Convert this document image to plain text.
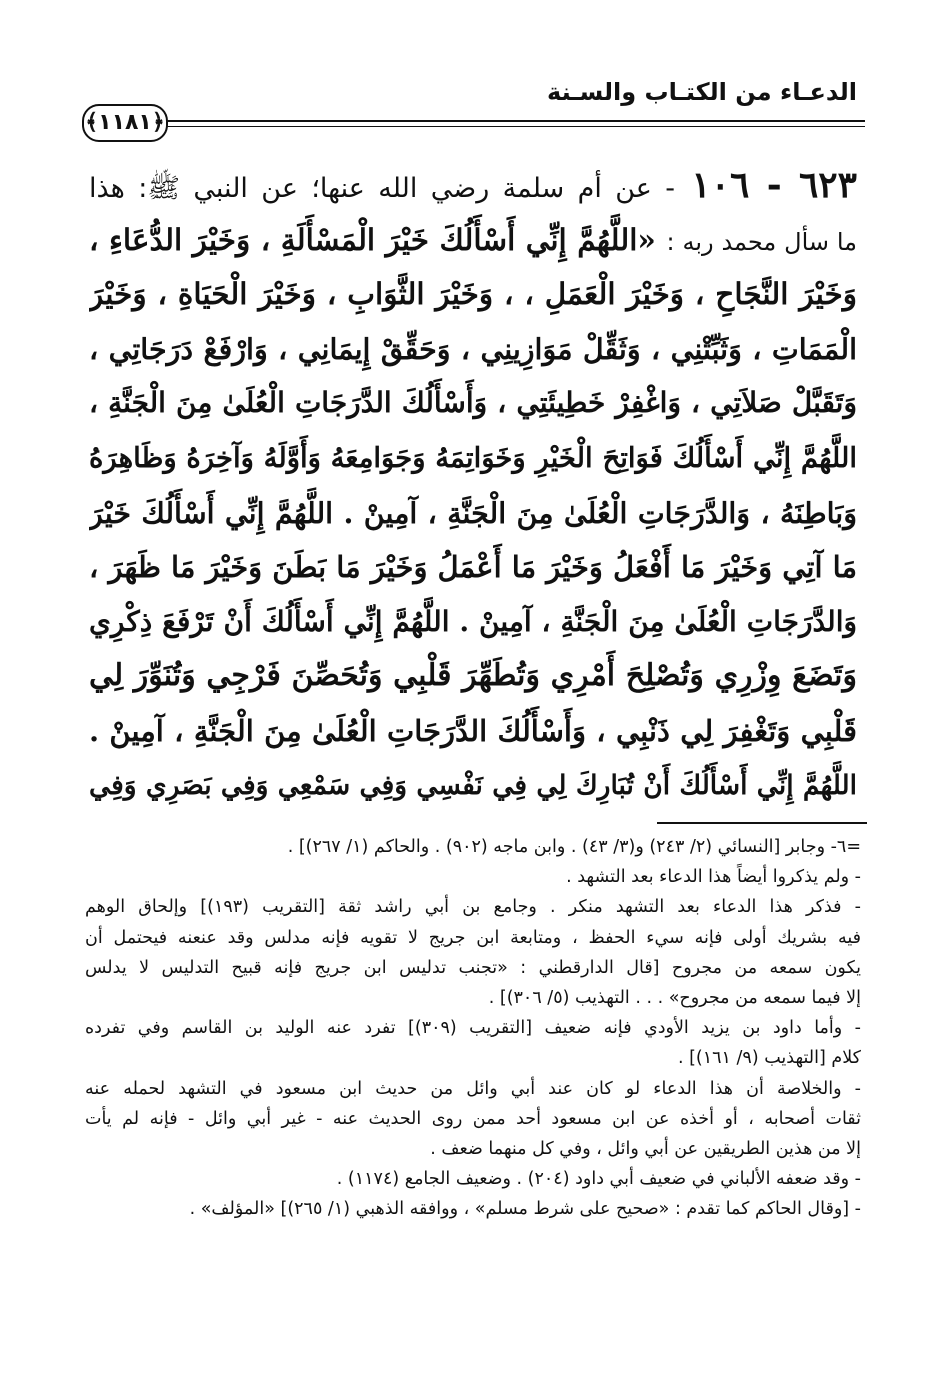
الدعـاء من الكتـاب والسـنة
﴿١١٨١﴾
٦٢٣ - ١٠٦ - عن أم سلمة رضي الله عنها؛ عن النبي ﷺ: هذا
ما سأل محمد ربه : «اللَّهُمَّ إِنِّي أَسْأَلُكَ خَيْرَ الْمَسْأَلَةِ ، وَخَيْرَ الدُّعَاءِ ،
وَخَيْرَ النَّجَاحِ ، وَخَيْرَ الْعَمَلِ ، ، وَخَيْرَ الثَّوَابِ ، وَخَيْرَ الْحَيَاةِ ، وَخَيْرَ
الْمَمَاتِ ، وَثَبِّتْنِي ، وَثَقِّلْ مَوَازِينِي ، وَحَقِّقْ إِيمَانِي ، وَارْفَعْ دَرَجَاتِي ،
وَتَقَبَّلْ صَلاَتِي ، وَاغْفِرْ خَطِيئَتِي ، وَأَسْأَلُكَ الدَّرَجَاتِ الْعُلَىٰ مِنَ الْجَنَّةِ ،
اللَّهُمَّ إِنِّي أَسْأَلُكَ فَوَاتِحَ الْخَيْرِ وَخَوَاتِمَهُ وَجَوَامِعَهُ وَأَوَّلَهُ وَآخِرَهُ وَظَاهِرَهُ
وَبَاطِنَهُ ، وَالدَّرَجَاتِ الْعُلَىٰ مِنَ الْجَنَّةِ ، آمِينْ . اللَّهُمَّ إِنِّي أَسْأَلُكَ خَيْرَ
مَا آتِي وَخَيْرَ مَا أَفْعَلُ وَخَيْرَ مَا أَعْمَلُ وَخَيْرَ مَا بَطَنَ وَخَيْرَ مَا ظَهَرَ ،
وَالدَّرَجَاتِ الْعُلَىٰ مِنَ الْجَنَّةِ ، آمِينْ . اللَّهُمَّ إِنِّي أَسْأَلُكَ أَنْ تَرْفَعَ ذِكْرِي
وَتَضَعَ وِزْرِي وَتُصْلِحَ أَمْرِي وَتُطَهِّرَ قَلْبِي وَتُحَصِّنَ فَرْجِي وَتُنَوِّرَ لِي
قَلْبِي وَتَغْفِرَ لِي ذَنْبِي ، وَأَسْأَلُكَ الدَّرَجَاتِ الْعُلَىٰ مِنَ الْجَنَّةِ ، آمِينْ .
اللَّهُمَّ إِنِّي أَسْأَلُكَ أَنْ تُبَارِكَ لِي فِي نَفْسِي وَفِي سَمْعِي وَفِي بَصَرِي وَفِي
=٦- وجابر [النسائي (٢/ ٢٤٣) و(٣/ ٤٣) . وابن ماجه (٩٠٢) . والحاكم (١/ ٢٦٧)] .
- ولم يذكروا أيضاً هذا الدعاء بعد التشهد .
- فذكر هذا الدعاء بعد التشهد منكر . وجامع بن أبي راشد ثقة [التقريب (١٩٣)] وإلحاق الوهم
فيه بشريك أولى فإنه سيء الحفظ ، ومتابعة ابن جريج لا تقويه فإنه مدلس وقد عنعنه فيحتمل أن
يكون سمعه من مجروح [قال الدارقطني : «تجنب تدليس ابن جريج فإنه قبيح التدليس لا يدلس
إلا فيما سمعه من مجروح» . . . التهذيب (٥/ ٣٠٦)] .
- وأما داود بن يزيد الأودي فإنه ضعيف [التقريب (٣٠٩)] تفرد عنه الوليد بن القاسم وفي تفرده
كلام [التهذيب (٩/ ١٦١)] .
- والخلاصة أن هذا الدعاء لو كان عند أبي وائل من حديث ابن مسعود في التشهد لحمله عنه
ثقات أصحابه ، أو أخذه عن ابن مسعود أحد ممن روى الحديث عنه - غير أبي وائل - فإنه لم يأت
إلا من هذين الطريقين عن أبي وائل ، وفي كل منهما ضعف .
- وقد ضعفه الألباني في ضعيف أبي داود (٢٠٤) . وضعيف الجامع (١١٧٤) .
- [وقال الحاكم كما تقدم : «صحيح على شرط مسلم» ، ووافقه الذهبي (١/ ٢٦٥)] «المؤلف» .
